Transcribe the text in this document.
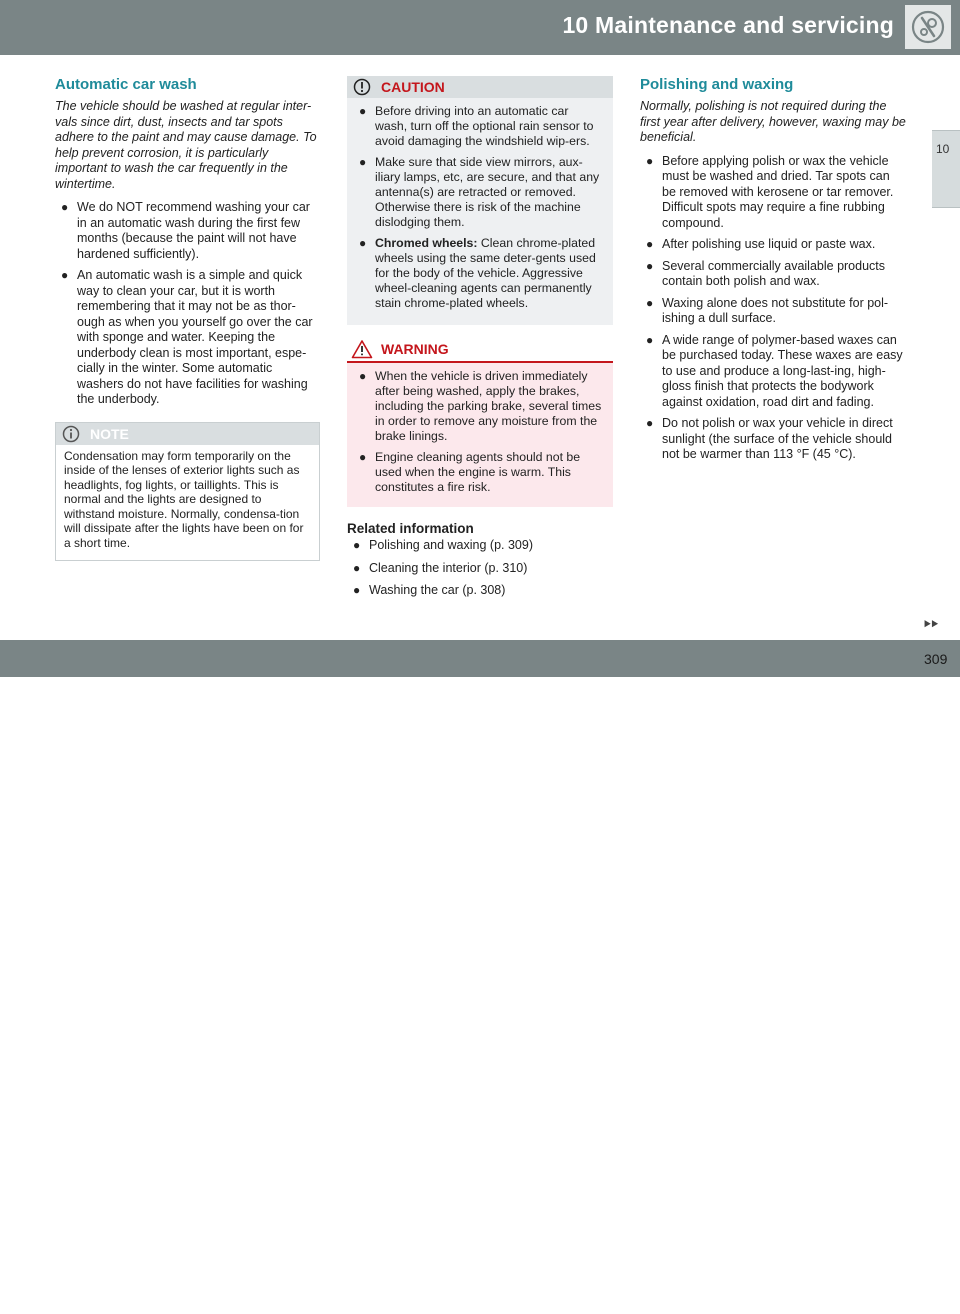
10 Maintenance and servicing
10
Automatic car wash

The vehicle should be washed at regular inter-vals since dirt, dust, insects and tar spots adhere to the paint and may cause damage. To help prevent corrosion, it is particularly important to wash the car frequently in the wintertime.

● We do NOT recommend washing your car in an automatic wash during the first few months (because the paint will not have hardened sufficiently).
● An automatic wash is a simple and quick way to clean your car, but it is worth remembering that it may not be as thor-ough as when you yourself go over the car with sponge and water. Keeping the underbody clean is most important, espe-cially in the winter. Some automatic washers do not have facilities for washing the underbody.
NOTE
Condensation may form temporarily on the inside of the lenses of exterior lights such as headlights, fog lights, or taillights. This is normal and the lights are designed to withstand moisture. Normally, condensa-tion will dissipate after the lights have been on for a short time.
CAUTION
● Before driving into an automatic car wash, turn off the optional rain sensor to avoid damaging the windshield wip-ers.
● Make sure that side view mirrors, aux-iliary lamps, etc, are secure, and that any antenna(s) are retracted or removed. Otherwise there is risk of the machine dislodging them.
● Chromed wheels: Clean chrome-plated wheels using the same deter-gents used for the body of the vehicle. Aggressive wheel-cleaning agents can permanently stain chrome-plated wheels.
WARNING
● When the vehicle is driven immediately after being washed, apply the brakes, including the parking brake, several times in order to remove any moisture from the brake linings.
● Engine cleaning agents should not be used when the engine is warm. This constitutes a fire risk.
Related information
● Polishing and waxing (p. 309)
● Cleaning the interior (p. 310)
● Washing the car (p. 308)
Polishing and waxing

Normally, polishing is not required during the first year after delivery, however, waxing may be beneficial.

● Before applying polish or wax the vehicle must be washed and dried. Tar spots can be removed with kerosene or tar remover. Difficult spots may require a fine rubbing compound.
● After polishing use liquid or paste wax.
● Several commercially available products contain both polish and wax.
● Waxing alone does not substitute for pol-ishing a dull surface.
● A wide range of polymer-based waxes can be purchased today. These waxes are easy to use and produce a long-last-ing, high-gloss finish that protects the bodywork against oxidation, road dirt and fading.
● Do not polish or wax your vehicle in direct sunlight (the surface of the vehicle should not be warmer than 113 °F (45 °C).
⯈⯈
carmanualsonline.info
309
